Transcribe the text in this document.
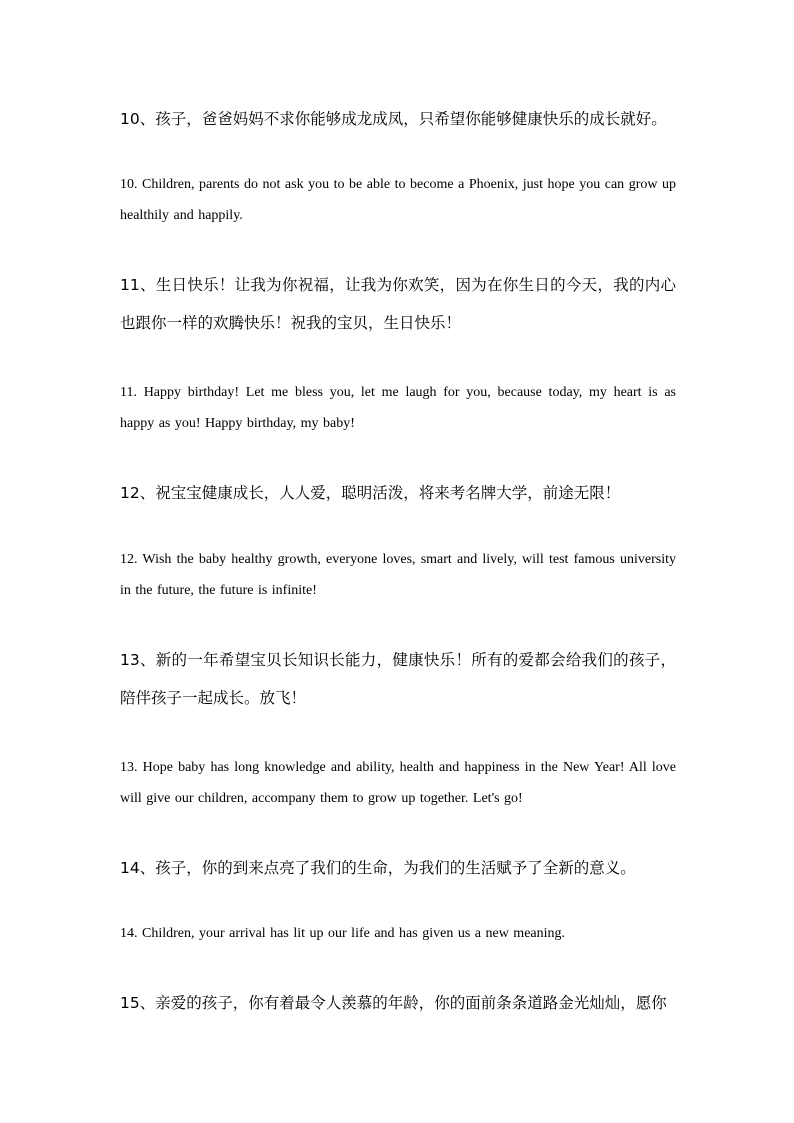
10、孩子，爸爸妈妈不求你能够成龙成凤，只希望你能够健康快乐的成长就好。

10. Children, parents do not ask you to be able to become a Phoenix, just hope you can grow up healthily and happily.

11、生日快乐！让我为你祝福，让我为你欢笑，因为在你生日的今天，我的内心也跟你一样的欢腾快乐！祝我的宝贝，生日快乐！

11. Happy birthday! Let me bless you, let me laugh for you, because today, my heart is as happy as you! Happy birthday, my baby!

12、祝宝宝健康成长，人人爱，聪明活泼，将来考名牌大学，前途无限！

12. Wish the baby healthy growth, everyone loves, smart and lively, will test famous university in the future, the future is infinite!

13、新的一年希望宝贝长知识长能力，健康快乐！所有的爱都会给我们的孩子，陪伴孩子一起成长。放飞！

13. Hope baby has long knowledge and ability, health and happiness in the New Year! All love will give our children, accompany them to grow up together. Let's go!

14、孩子，你的到来点亮了我们的生命，为我们的生活赋予了全新的意义。

14. Children, your arrival has lit up our life and has given us a new meaning.

15、亲爱的孩子，你有着最令人羡慕的年龄，你的面前条条道路金光灿灿，愿你
